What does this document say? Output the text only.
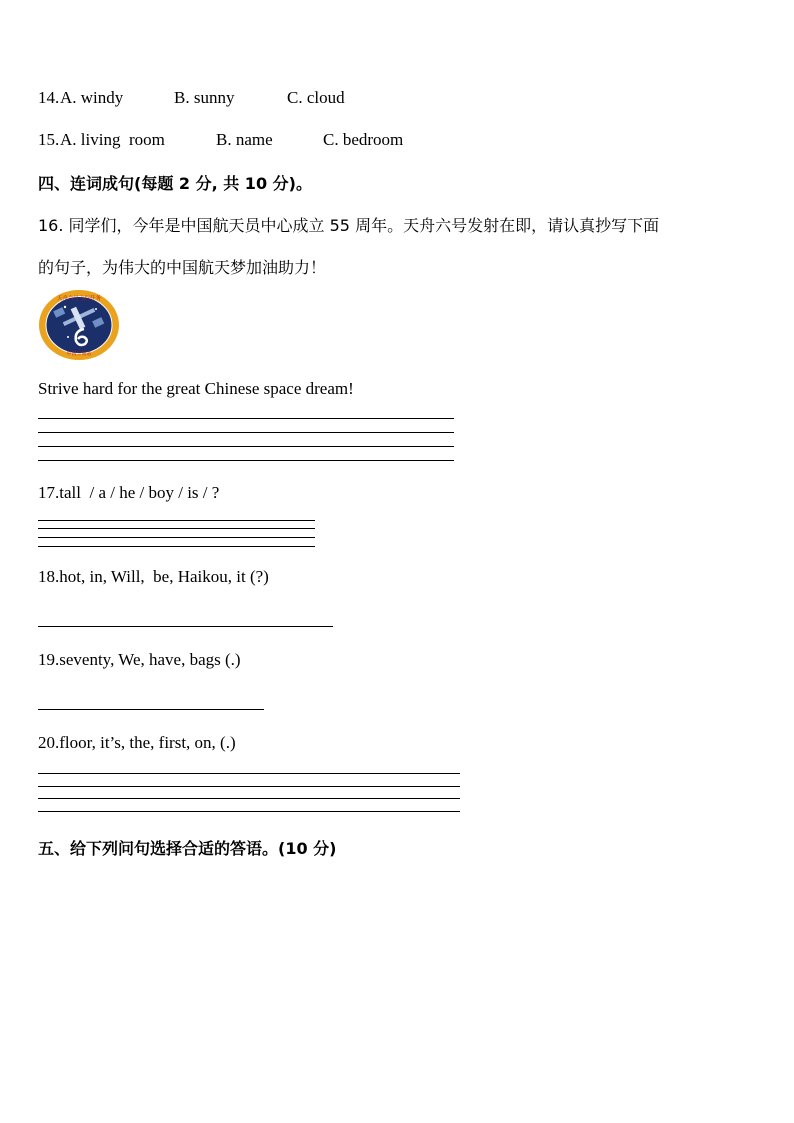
14. A. windy	B. sunny	C. cloud
15. A. living  room	B. name	C. bedroom
四、连词成句(每题 2 分, 共 10 分)。
16. 同学们，今年是中国航天员中心成立 55 周年。天舟六号发射在即，请认真抄写下面
的句子，为伟大的中国航天梦加油助力！
天舟六号飞行任务
中国空间站
Strive hard for the great Chinese space dream!
17.tall  / a / he / boy / is / ?
18.hot, in, Will,  be, Haikou, it (?)
19.seventy, We, have, bags (.)
20.floor, it’s, the, first, on, (.)
五、给下列问句选择合适的答语。(10 分)
